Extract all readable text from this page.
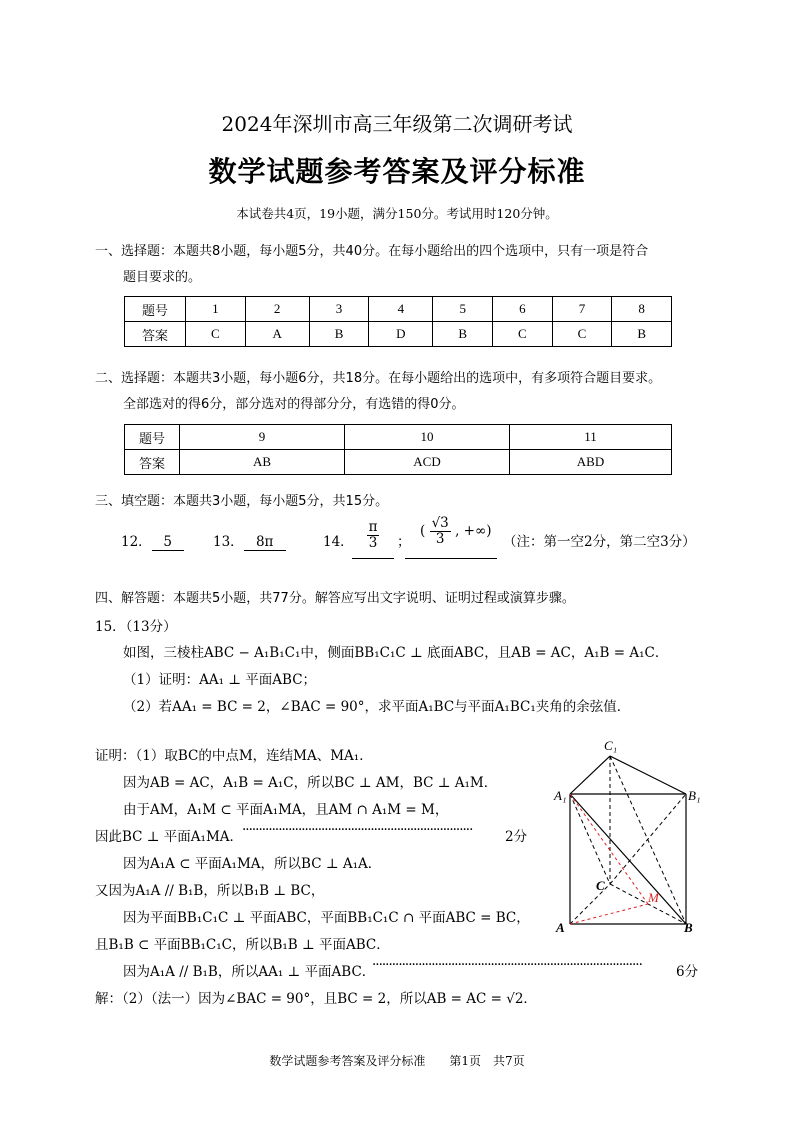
2024年深圳市高三年级第二次调研考试
数学试题参考答案及评分标准
本试卷共4页，19小题，满分150分。考试用时120分钟。
一、选择题：本题共8小题，每小题5分，共40分。在每小题给出的四个选项中，只有一项是符合
题目要求的。
题号	1	2	3	4	5	6	7	8
答案	C	A	B	D	B	C	C	B
二、选择题：本题共3小题，每小题6分，共18分。在每小题给出的选项中，有多项符合题目要求。
全部选对的得6分，部分选对的得部分分，有选错的得0分。
题号	9	10	11
答案	AB	ACD	ABD
三、填空题：本题共3小题，每小题5分，共15分。
12． 5	13． 8π	14． $\frac{\pi}{3}$ ；
( $\frac{√3}{3}$ , +∞)
（注：第一空2分，第二空3分）
四、解答题：本题共5小题，共77分。解答应写出文字说明、证明过程或演算步骤。
15．（13分）
如图，三棱柱ABC − A₁B₁C₁中，侧面BB₁C₁C ⊥ 底面ABC，且AB = AC，A₁B = A₁C．
（1）证明：AA₁ ⊥ 平面ABC；
（2）若AA₁ = BC = 2，∠BAC = 90°，求平面A₁BC与平面A₁BC₁夹角的余弦值．
证明：（1）取BC的中点M，连结MA、MA₁．
因为AB = AC，A₁B = A₁C，所以BC ⊥ AM，BC ⊥ A₁M．
由于AM，A₁M ⊂ 平面A₁MA，且AM ∩ A₁M = M，
因此BC ⊥ 平面A₁MA．
······································································	2分
因为A₁A ⊂ 平面A₁MA，所以BC ⊥ A₁A．
又因为A₁A // B₁B，所以B₁B ⊥ BC，
因为平面BB₁C₁C ⊥ 平面ABC，平面BB₁C₁C ∩ 平面ABC = BC，
且B₁B ⊂ 平面BB₁C₁C，所以B₁B ⊥ 平面ABC．
因为A₁A // B₁B，所以AA₁ ⊥ 平面ABC．
··················································································	6分
解：（2）（法一）因为∠BAC = 90°，且BC = 2，所以AB = AC = √2．
C₁
A₁	B₁
C
M
A	B
数学试题参考答案及评分标准　　第1页　共7页
